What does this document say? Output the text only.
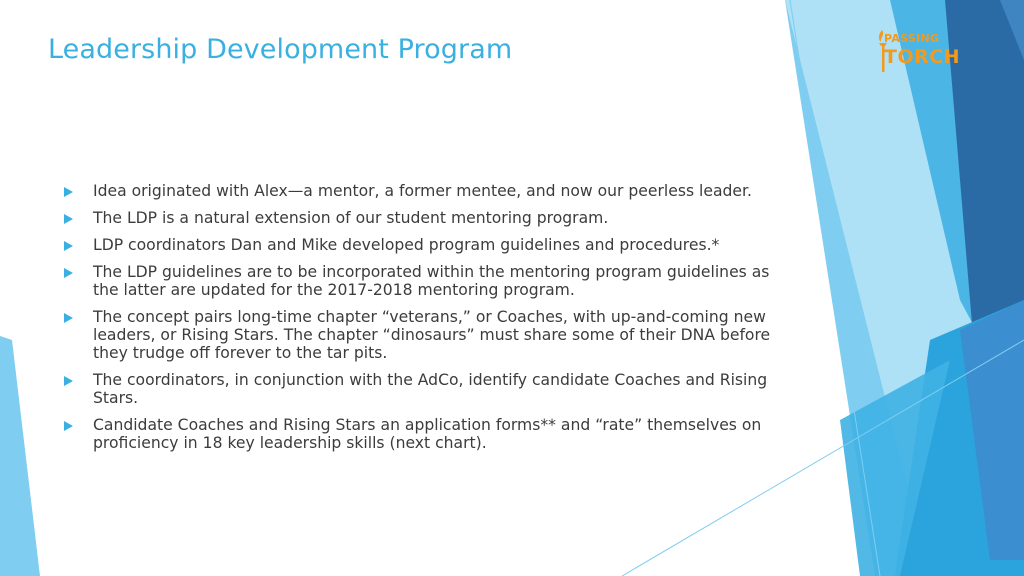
Leadership Development Program	PASSING
TORCH
Idea originated with Alex—a mentor, a former mentee, and now our peerless leader.
The LDP is a natural extension of our student mentoring program.
LDP coordinators Dan and Mike developed program guidelines and procedures.*
The LDP guidelines are to be incorporated within the mentoring program guidelines as the latter are updated for the 2017-2018 mentoring program.
The concept pairs long-time chapter “veterans,” or Coaches, with up-and-coming new leaders, or Rising Stars. The chapter “dinosaurs” must share some of their DNA before they trudge off forever to the tar pits.
The coordinators, in conjunction with the AdCo, identify candidate Coaches and Rising Stars.
Candidate Coaches and Rising Stars an application forms** and “rate” themselves on proficiency in 18 key leadership skills (next chart).
